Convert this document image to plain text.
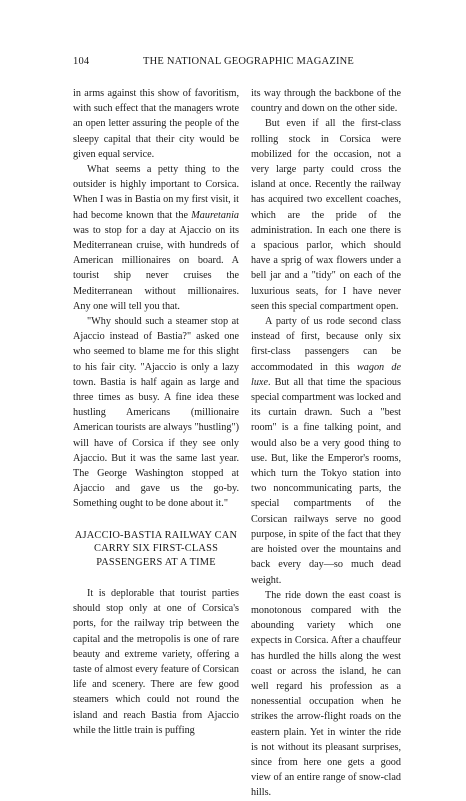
104	THE NATIONAL GEOGRAPHIC MAGAZINE

in arms against this show of favoritism, with such effect that the managers wrote an open letter assuring the people of the sleepy capital that their city would be given equal service.

What seems a petty thing to the outsider is highly important to Corsica. When I was in Bastia on my first visit, it had become known that the Mauretania was to stop for a day at Ajaccio on its Mediterranean cruise, with hundreds of American millionaires on board. A tourist ship never cruises the Mediterranean without millionaires. Any one will tell you that.

"Why should such a steamer stop at Ajaccio instead of Bastia?" asked one who seemed to blame me for this slight to his fair city. "Ajaccio is only a lazy town. Bastia is half again as large and three times as busy. A fine idea these hustling Americans (millionaire American tourists are always "hustling") will have of Corsica if they see only Ajaccio. But it was the same last year. The George Washington stopped at Ajaccio and gave us the go-by. Something ought to be done about it."

AJACCIO-BASTIA RAILWAY CAN
CARRY SIX FIRST-CLASS
PASSENGERS AT A TIME

It is deplorable that tourist parties should stop only at one of Corsica's ports, for the railway trip between the capital and the metropolis is one of rare beauty and extreme variety, offering a taste of almost every feature of Corsican life and scenery. There are few good steamers which could not round the island and reach Bastia from Ajaccio while the little train is puffing

its way through the backbone of the country and down on the other side.

But even if all the first-class rolling stock in Corsica were mobilized for the occasion, not a very large party could cross the island at once. Recently the railway has acquired two excellent coaches, which are the pride of the administration. In each one there is a spacious parlor, which should have a sprig of wax flowers under a bell jar and a "tidy" on each of the luxurious seats, for I have never seen this special compartment open.

A party of us rode second class instead of first, because only six first-class passengers can be accommodated in this wagon de luxe. But all that time the spacious special compartment was locked and its curtain drawn. Such a "best room" is a fine talking point, and would also be a very good thing to use. But, like the Emperor's rooms, which turn the Tokyo station into two noncommunicating parts, the special compartments of the Corsican railways serve no good purpose, in spite of the fact that they are hoisted over the mountains and back every day—so much dead weight.

The ride down the east coast is monotonous compared with the abounding variety which one expects in Corsica. After a chauffeur has hurdled the hills along the west coast or across the island, he can well regard his profession as a nonessential occupation when he strikes the arrow-flight roads on the eastern plain. Yet in winter the ride is not without its pleasant surprises, since from here one gets a good view of an entire range of snow-clad hills.
